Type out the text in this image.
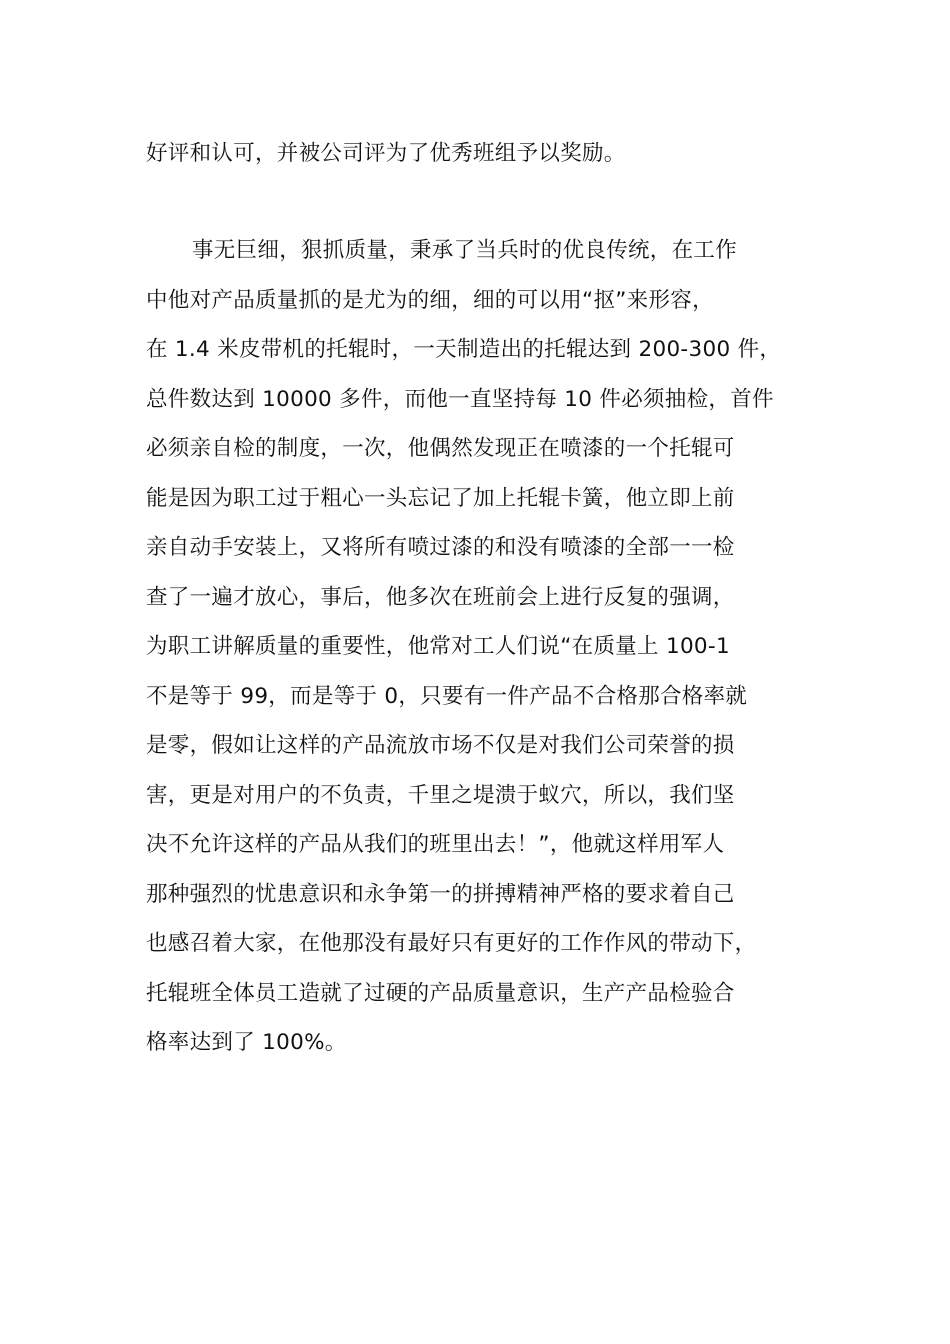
好评和认可，并被公司评为了优秀班组予以奖励。
事无巨细，狠抓质量，秉承了当兵时的优良传统，在工作
中他对产品质量抓的是尤为的细，细的可以用“抠”来形容，
在 1.4 米皮带机的托辊时，一天制造出的托辊达到 200-300 件，
总件数达到 10000 多件，而他一直坚持每 10 件必须抽检，首件
必须亲自检的制度，一次，他偶然发现正在喷漆的一个托辊可
能是因为职工过于粗心一头忘记了加上托辊卡簧，他立即上前
亲自动手安装上，又将所有喷过漆的和没有喷漆的全部一一检
查了一遍才放心，事后，他多次在班前会上进行反复的强调，
为职工讲解质量的重要性，他常对工人们说“在质量上 100-1
不是等于 99，而是等于 0，只要有一件产品不合格那合格率就
是零，假如让这样的产品流放市场不仅是对我们公司荣誉的损
害，更是对用户的不负责，千里之堤溃于蚁穴，所以，我们坚
决不允许这样的产品从我们的班里出去！”，他就这样用军人
那种强烈的忧患意识和永争第一的拼搏精神严格的要求着自己
也感召着大家，在他那没有最好只有更好的工作作风的带动下，
托辊班全体员工造就了过硬的产品质量意识，生产产品检验合
格率达到了 100%。
